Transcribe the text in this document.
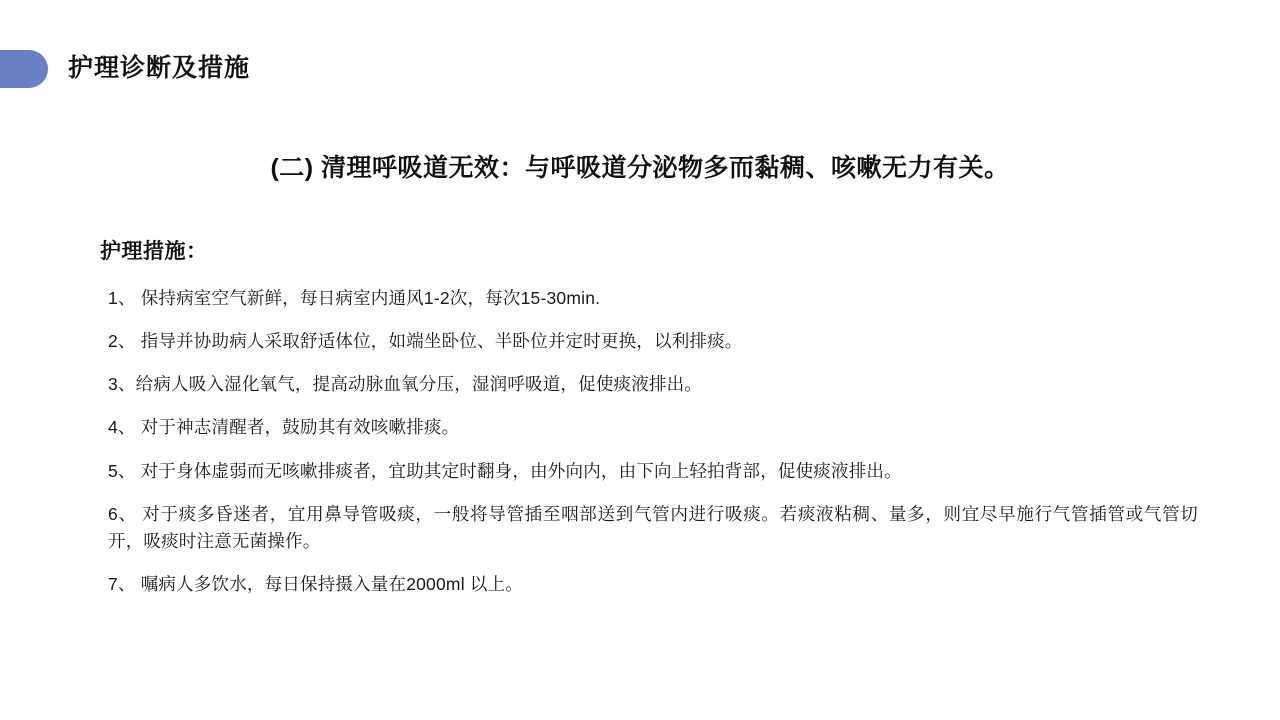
护理诊断及措施
(二) 清理呼吸道无效：与呼吸道分泌物多而黏稠、咳嗽无力有关。
护理措施：
1、 保持病室空气新鲜，每日病室内通风1-2次，每次15-30min.
2、 指导并协助病人采取舒适体位，如端坐卧位、半卧位并定时更换，以利排痰。
3、给病人吸入湿化氧气，提高动脉血氧分压，湿润呼吸道，促使痰液排出。
4、 对于神志清醒者，鼓励其有效咳嗽排痰。
5、 对于身体虚弱而无咳嗽排痰者，宜助其定时翻身，由外向内，由下向上轻拍背部，促使痰液排出。
6、 对于痰多昏迷者，宜用鼻导管吸痰，一般将导管插至咽部送到气管内进行吸痰。若痰液粘稠、量多，则宜尽早施行气管插管或气管切开，吸痰时注意无菌操作。
7、 嘱病人多饮水，每日保持摄入量在2000ml 以上。
